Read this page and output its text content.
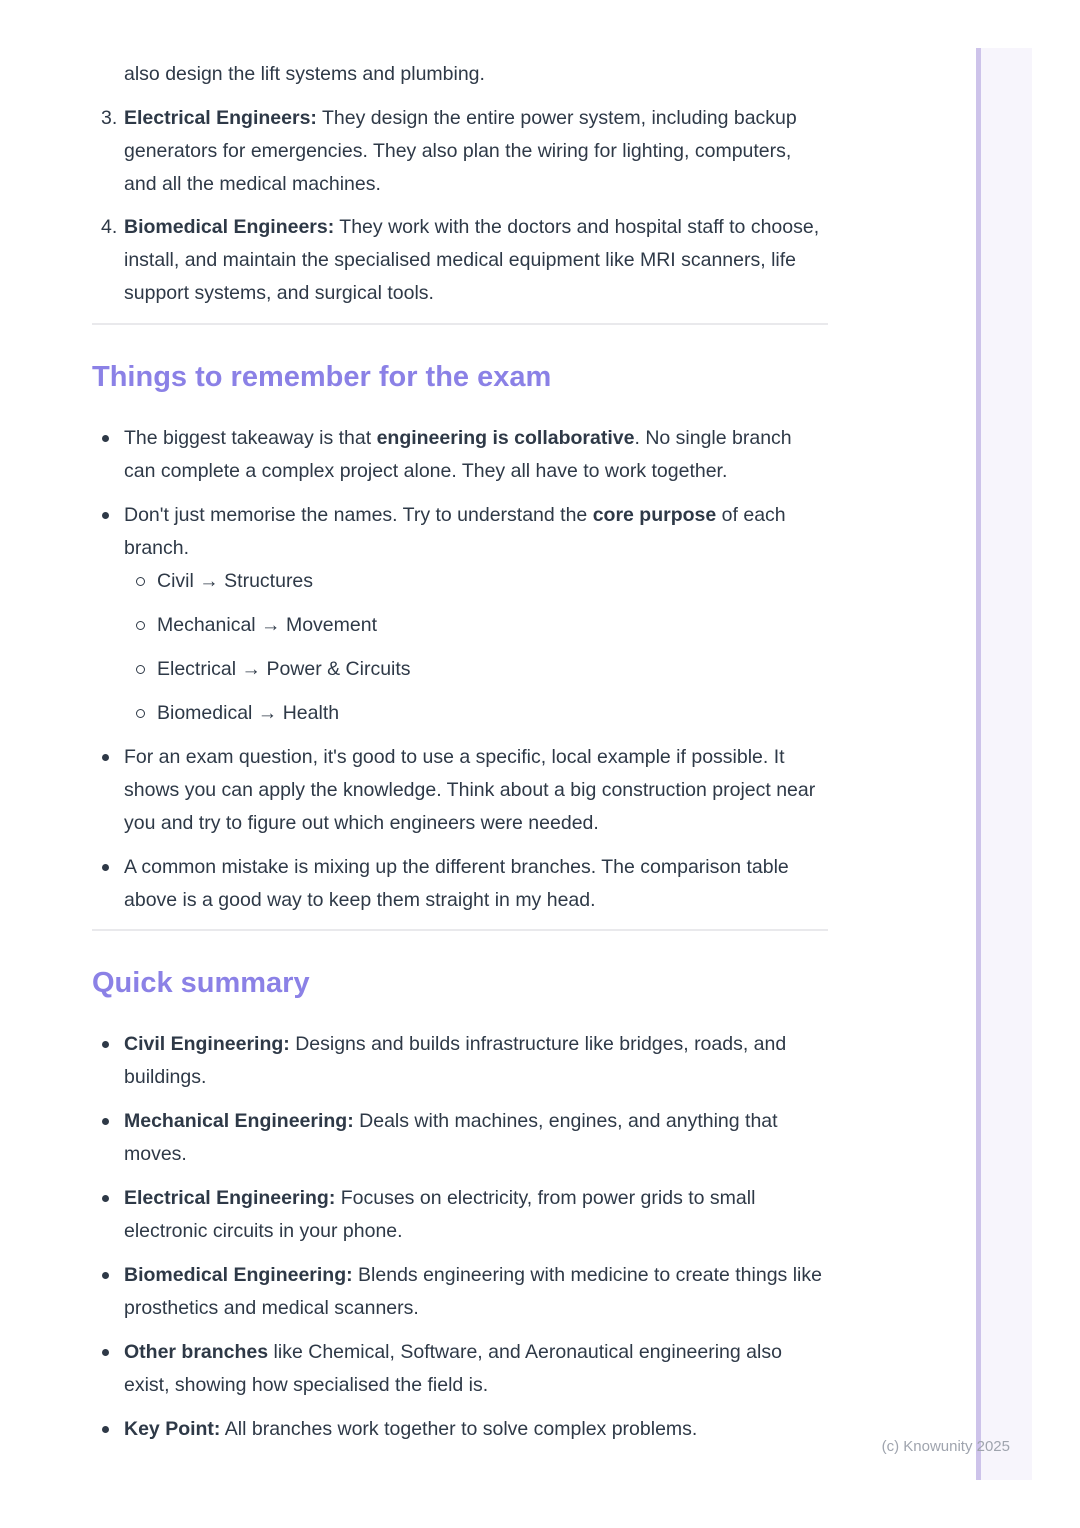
also design the lift systems and plumbing.

3. Electrical Engineers: They design the entire power system, including backup generators for emergencies. They also plan the wiring for lighting, computers, and all the medical machines.

4. Biomedical Engineers: They work with the doctors and hospital staff to choose, install, and maintain the specialised medical equipment like MRI scanners, life support systems, and surgical tools.

Things to remember for the exam

The biggest takeaway is that engineering is collaborative. No single branch can complete a complex project alone. They all have to work together.

Don't just memorise the names. Try to understand the core purpose of each branch.

Civil → Structures

Mechanical → Movement

Electrical → Power & Circuits

Biomedical → Health

For an exam question, it's good to use a specific, local example if possible. It shows you can apply the knowledge. Think about a big construction project near you and try to figure out which engineers were needed.

A common mistake is mixing up the different branches. The comparison table above is a good way to keep them straight in my head.

Quick summary

Civil Engineering: Designs and builds infrastructure like bridges, roads, and buildings.

Mechanical Engineering: Deals with machines, engines, and anything that moves.

Electrical Engineering: Focuses on electricity, from power grids to small electronic circuits in your phone.

Biomedical Engineering: Blends engineering with medicine to create things like prosthetics and medical scanners.

Other branches like Chemical, Software, and Aeronautical engineering also exist, showing how specialised the field is.

Key Point: All branches work together to solve complex problems.

(c) Knowunity 2025
